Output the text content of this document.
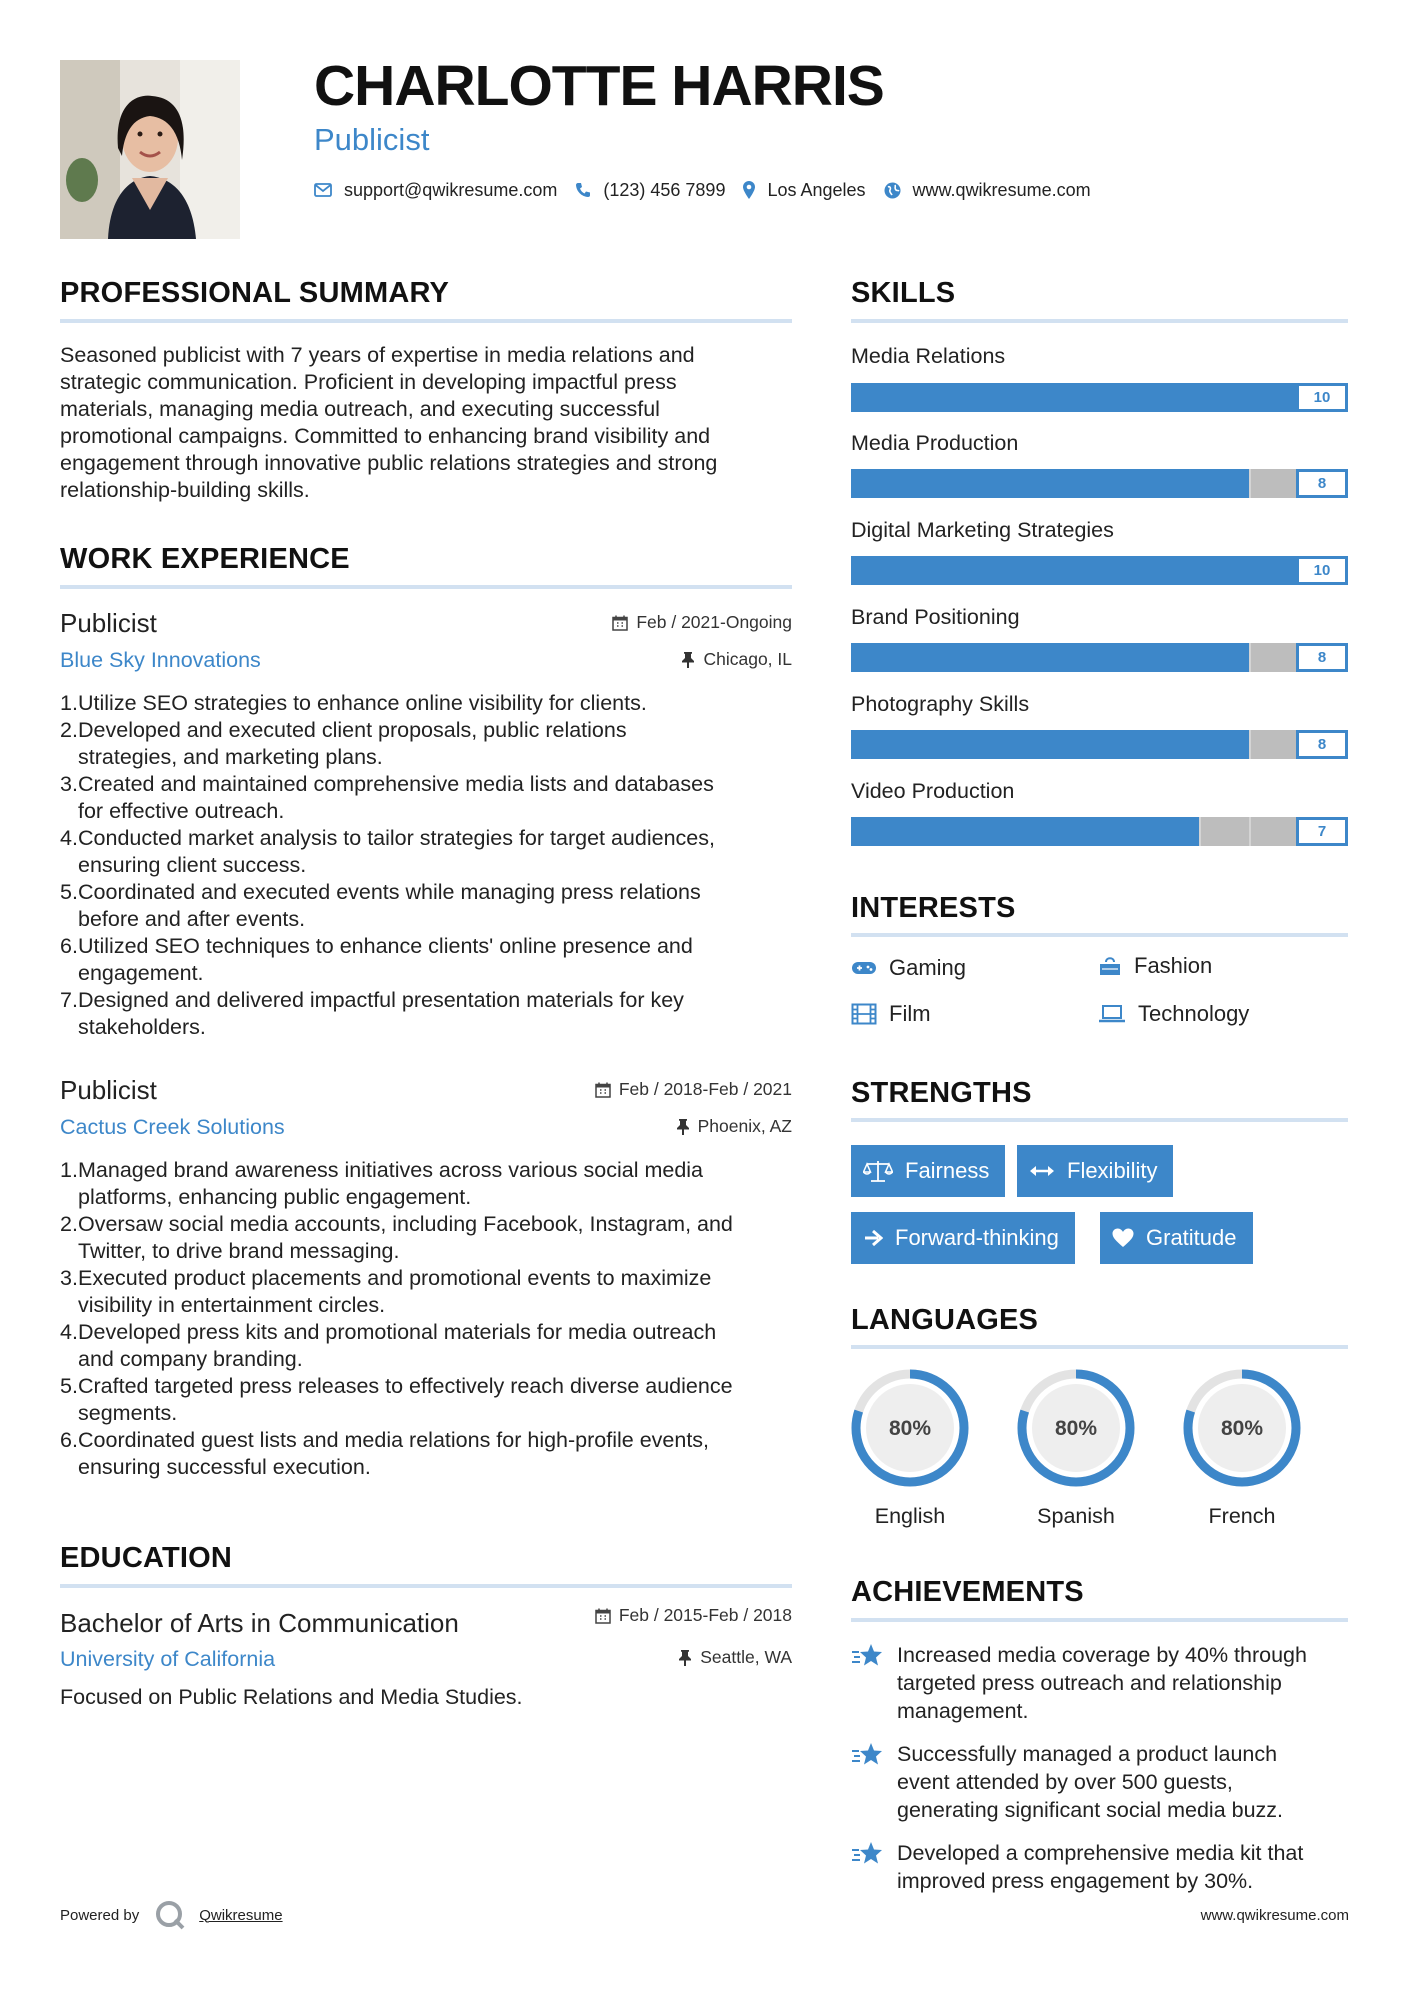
CHARLOTTE HARRIS
Publicist
support@qwikresume.com	(123) 456 7899 Los Angeles	www.qwikresume.com
PROFESSIONAL SUMMARY
Seasoned publicist with 7 years of expertise in media relations and
strategic communication. Proficient in developing impactful press
materials, managing media outreach, and executing successful
promotional campaigns. Committed to enhancing brand visibility and
engagement through innovative public relations strategies and strong
relationship-building skills.
WORK EXPERIENCE
Publicist	Feb / 2021-Ongoing
Blue Sky Innovations	Chicago, IL
1. Utilize SEO strategies to enhance online visibility for clients.
2. Developed and executed client proposals, public relations
strategies, and marketing plans.
3. Created and maintained comprehensive media lists and databases
for effective outreach.
4. Conducted market analysis to tailor strategies for target audiences,
ensuring client success.
5. Coordinated and executed events while managing press relations
before and after events.
6. Utilized SEO techniques to enhance clients' online presence and
engagement.
7. Designed and delivered impactful presentation materials for key
stakeholders.
Publicist	Feb / 2018-Feb / 2021
Cactus Creek Solutions	Phoenix, AZ
1. Managed brand awareness initiatives across various social media
platforms, enhancing public engagement.
2. Oversaw social media accounts, including Facebook, Instagram, and
Twitter, to drive brand messaging.
3. Executed product placements and promotional events to maximize
visibility in entertainment circles.
4. Developed press kits and promotional materials for media outreach
and company branding.
5. Crafted targeted press releases to effectively reach diverse audience
segments.
6. Coordinated guest lists and media relations for high-profile events,
ensuring successful execution.
EDUCATION
Bachelor of Arts in Communication	Feb / 2015-Feb / 2018
University of California	Seattle, WA
Focused on Public Relations and Media Studies.
Powered by	Qwikresume
SKILLS
Media Relations
10
Media Production
8
Digital Marketing Strategies
10
Brand Positioning
8
Photography Skills
8
Video Production
7
INTERESTS
Gaming	Fashion
Film	Technology
STRENGTHS
Fairness	Flexibility
Forward-thinking	Gratitude
LANGUAGES
80%
English
80%
Spanish
80%
French
ACHIEVEMENTS
Increased media coverage by 40% through
targeted press outreach and relationship
management.
Successfully managed a product launch
event attended by over 500 guests,
generating significant social media buzz.
Developed a comprehensive media kit that
improved press engagement by 30%.
www.qwikresume.com
